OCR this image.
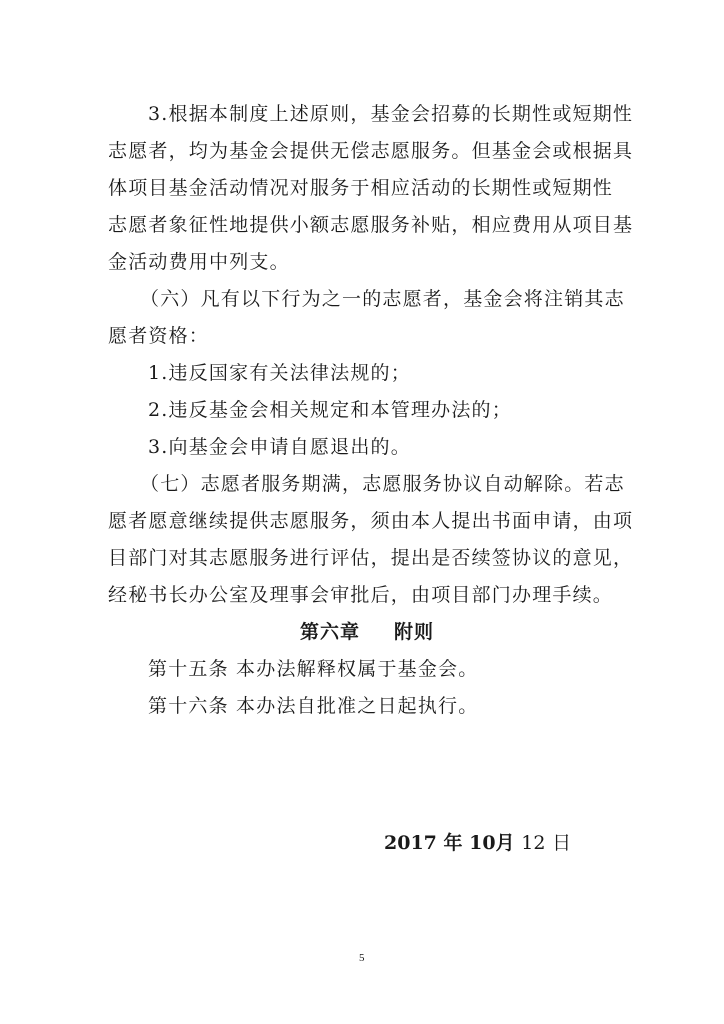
3.根据本制度上述原则，基金会招募的长期性或短期性
志愿者，均为基金会提供无偿志愿服务。但基金会或根据具
体项目基金活动情况对服务于相应活动的长期性或短期性
志愿者象征性地提供小额志愿服务补贴，相应费用从项目基
金活动费用中列支。
（六）凡有以下行为之一的志愿者，基金会将注销其志
愿者资格：
1.违反国家有关法律法规的；
2.违反基金会相关规定和本管理办法的；
3.向基金会申请自愿退出的。
（七）志愿者服务期满，志愿服务协议自动解除。若志
愿者愿意继续提供志愿服务，须由本人提出书面申请，由项
目部门对其志愿服务进行评估，提出是否续签协议的意见，
经秘书长办公室及理事会审批后，由项目部门办理手续。
第六章 附则
第十五条 本办法解释权属于基金会。
第十六条 本办法自批准之日起执行。
2017 年 10月 12 日
5
